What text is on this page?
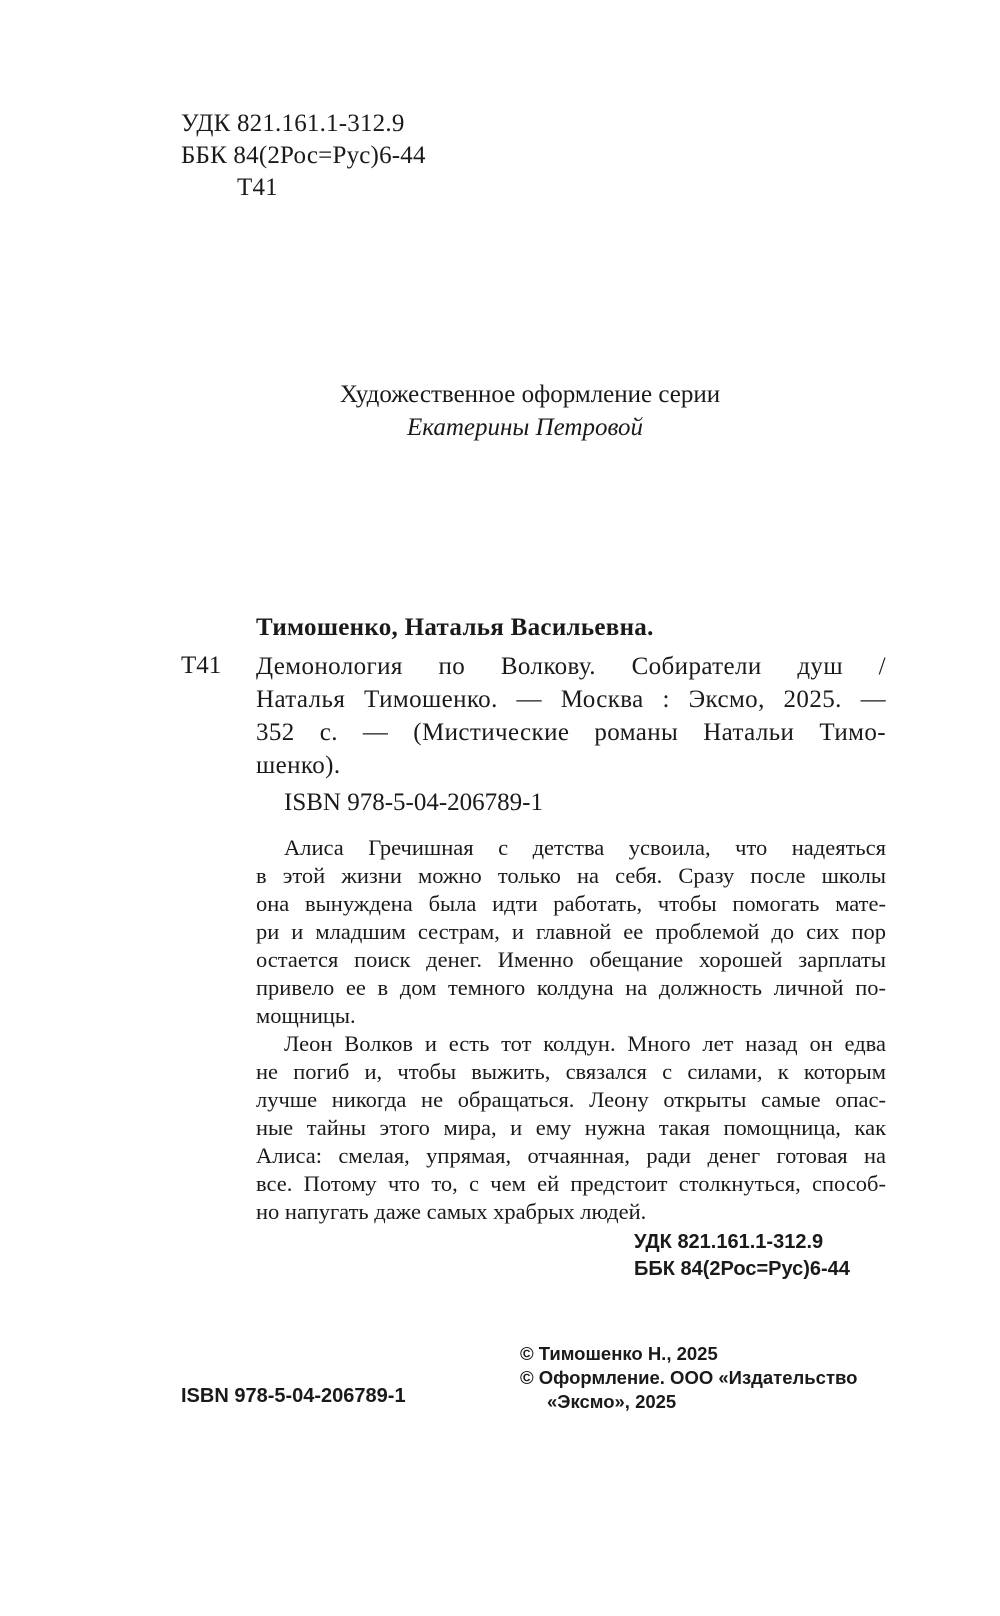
УДК 821.161.1-312.9
ББК 84(2Рос=Рус)6-44
Т41
Художественное оформление серии
Екатерины Петровой
Тимошенко, Наталья Васильевна.
Т41 Демонология по Волкову. Собиратели душ /
Наталья Тимошенко. — Москва : Эксмо, 2025. —
352 с. — (Мистические романы Натальи Тимо-
шенко).
ISBN 978-5-04-206789-1
Алиса Гречишная с детства усвоила, что надеяться
в этой жизни можно только на себя. Сразу после школы
она вынуждена была идти работать, чтобы помогать мате-
ри и младшим сестрам, и главной ее проблемой до сих пор
остается поиск денег. Именно обещание хорошей зарплаты
привело ее в дом темного колдуна на должность личной по-
мощницы.
Леон Волков и есть тот колдун. Много лет назад он едва
не погиб и, чтобы выжить, связался с силами, к которым
лучше никогда не обращаться. Леону открыты самые опас-
ные тайны этого мира, и ему нужна такая помощница, как
Алиса: смелая, упрямая, отчаянная, ради денег готовая на
все. Потому что то, с чем ей предстоит столкнуться, способ-
но напугать даже самых храбрых людей.
УДК 821.161.1-312.9
ББК 84(2Рос=Рус)6-44
© Тимошенко Н., 2025
© Оформление. ООО «Издательство
«Эксмо», 2025
ISBN 978-5-04-206789-1
